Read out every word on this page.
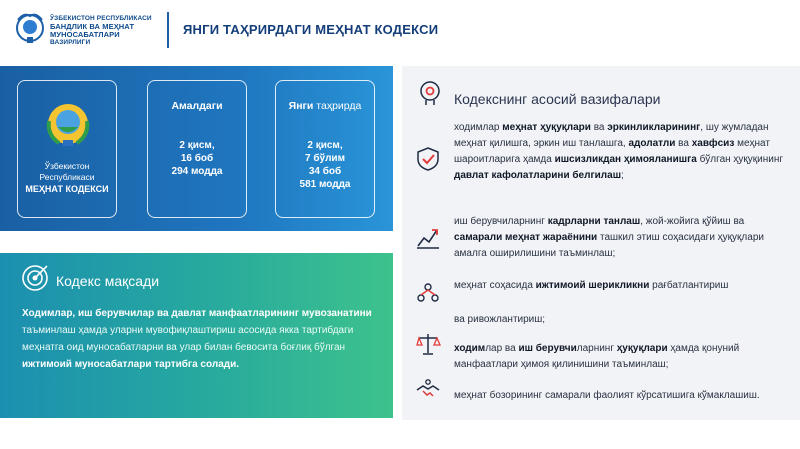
ЎЗБЕКИСТОН РЕСПУБЛИКАСИ
БАНДЛИК ВА МЕҲНАТ МУНОСАБАТЛАРИ
ВАЗИРЛИГИ
ЯНГИ ТАҲРИРДАГИ МЕҲНАТ КОДЕКСИ
Ўзбекистон
Республикаси
МЕҲНАТ КОДЕКСИ
Амалдаги
2 қисм,
16 боб
294 модда
Янги таҳрирда
2 қисм,
7 бўлим
34 боб
581 модда
Кодекс мақсади
Ходимлар, иш берувчилар ва давлат манфаатларининг мувозанатини таъминлаш ҳамда уларни мувофиқлаштириш асосида якка тартибдаги меҳнатга оид муносабатларни ва улар билан бевосита боғлиқ бўлган ижтимоий муносабатлари тартибга солади.
Кодекснинг асосий вазифалари
ходимлар меҳнат ҳуқуқлари ва эркинликларининг, шу жумладан меҳнат қилишга, эркин иш танлашга, адолатли ва хавфсиз меҳнат шароитларига ҳамда ишсизликдан ҳимояланишга бўлган ҳуқуқининг давлат кафолатларини белгилаш;
иш берувчиларнинг кадрларни танлаш, жой-жойига қўйиш ва самарали меҳнат жараёнини ташкил этиш соҳасидаги ҳуқуқлари амалга оширилишини таъминлаш;
меҳнат соҳасида ижтимоий шерикликни рағбатлантириш
ва ривожлантириш;
ходимлар ва иш берувчиларнинг ҳуқуқлари ҳамда қонуний манфаатлари ҳимоя қилинишини таъминлаш;
меҳнат бозорининг самарали фаолият кўрсатишига кўмаклашиш.
